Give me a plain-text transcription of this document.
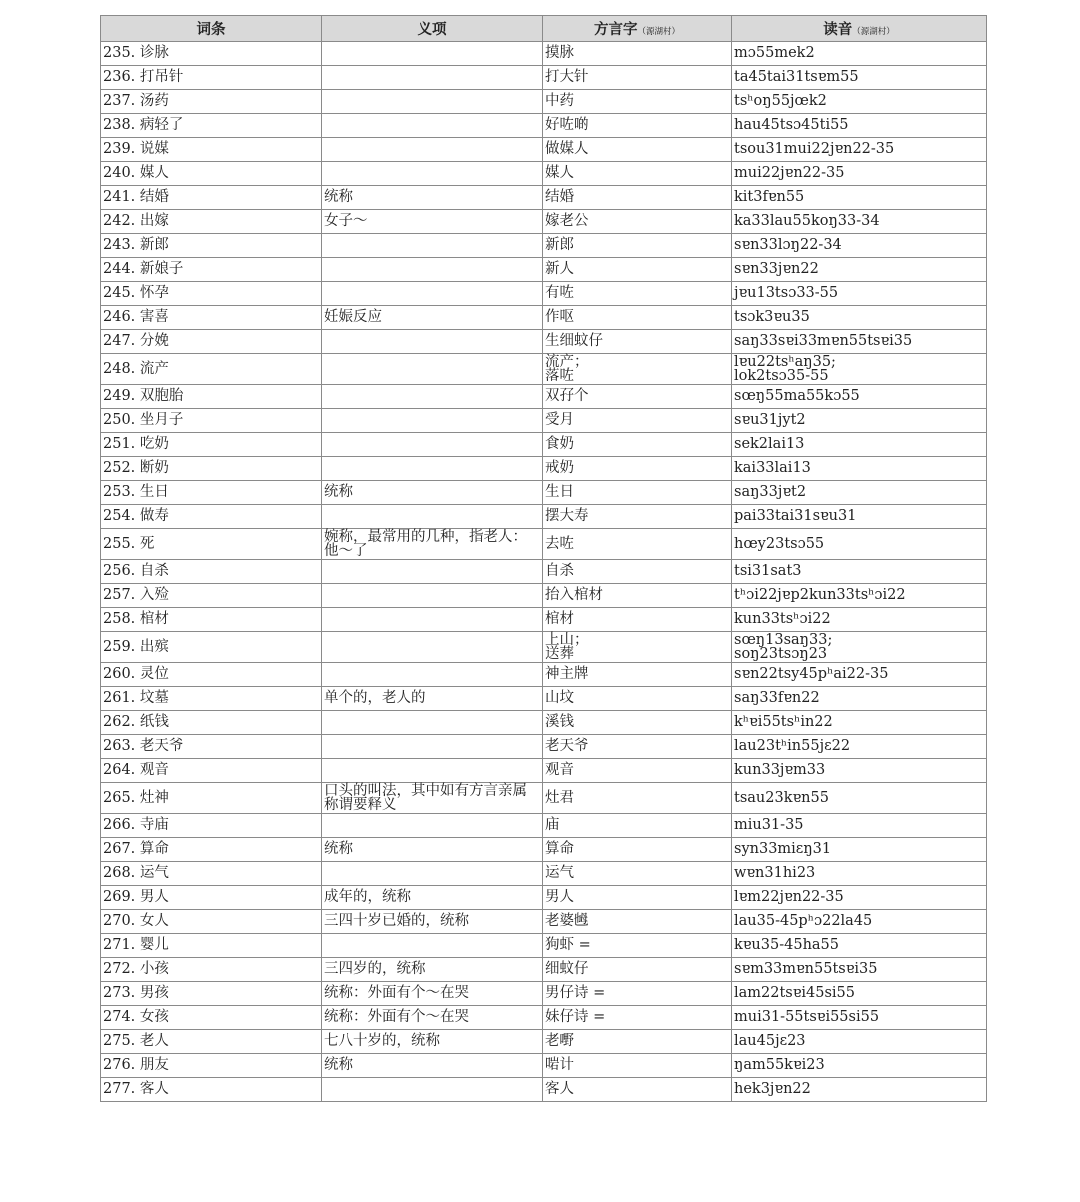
词条	义项	方言字（源湖村）	读音（源湖村）
235. 诊脉		摸脉	mɔ55mek2
236. 打吊针		打大针	ta45tai31tsɐm55
237. 汤药		中药	tsʰoŋ55jœk2
238. 病轻了		好咗啲	hau45tsɔ45ti55
239. 说媒		做媒人	tsou31mui22jɐn22-35
240. 媒人		媒人	mui22jɐn22-35
241. 结婚	统称	结婚	kit3fɐn55
242. 出嫁	女子～	嫁老公	ka33lau55koŋ33-34
243. 新郎		新郎	sɐn33lɔŋ22-34
244. 新娘子		新人	sɐn33jɐn22
245. 怀孕		有咗	jɐu13tsɔ33-55
246. 害喜	妊娠反应	作呕	tsɔk3ɐu35
247. 分娩		生细蚊仔	saŋ33sɐi33mɐn55tsɐi35
248. 流产		流产；
落咗	lɐu22tsʰaŋ35;
lok2tsɔ35-55
249. 双胞胎		双孖个	sœŋ55ma55kɔ55
250. 坐月子		受月	sɐu31jyt2
251. 吃奶		食奶	sek2lai13
252. 断奶		戒奶	kai33lai13
253. 生日	统称	生日	saŋ33jɐt2
254. 做寿		摆大寿	pai33tai31sɐu31
255. 死	婉称，最常用的几种，指老人：
他～了	去咗	hœy23tsɔ55
256. 自杀		自杀	tsi31sat3
257. 入殓		抬入棺材	tʰɔi22jɐp2kun33tsʰɔi22
258. 棺材		棺材	kun33tsʰɔi22
259. 出殡		上山；
送葬	sœŋ13saŋ33;
soŋ23tsɔŋ23
260. 灵位		神主牌	sɐn22tsy45pʰai22-35
261. 坟墓	单个的，老人的	山坟	saŋ33fɐn22
262. 纸钱		溪钱	kʰɐi55tsʰin22
263. 老天爷		老天爷	lau23tʰin55jɛ22
264. 观音		观音	kun33jɐm33
265. 灶神	口头的叫法，其中如有方言亲属
称谓要释义	灶君	tsau23kɐn55
266. 寺庙		庙	miu31-35
267. 算命	统称	算命	syn33miɛŋ31
268. 运气		运气	wɐn31hi23
269. 男人	成年的，统称	男人	lɐm22jɐn22-35
270. 女人	三四十岁已婚的，统称	老婆乸	lau35-45pʰɔ22la45
271. 婴儿		狗虾 =	kɐu35-45ha55
272. 小孩	三四岁的，统称	细蚊仔	sɐm33mɐn55tsɐi35
273. 男孩	统称：外面有个～在哭	男仔诗 =	lam22tsɐi45si55
274. 女孩	统称：外面有个～在哭	妹仔诗 =	mui31-55tsɐi55si55
275. 老人	七八十岁的，统称	老嘢	lau45jɛ23
276. 朋友	统称	啱计	ŋam55kɐi23
277. 客人		客人	hek3jɐn22
